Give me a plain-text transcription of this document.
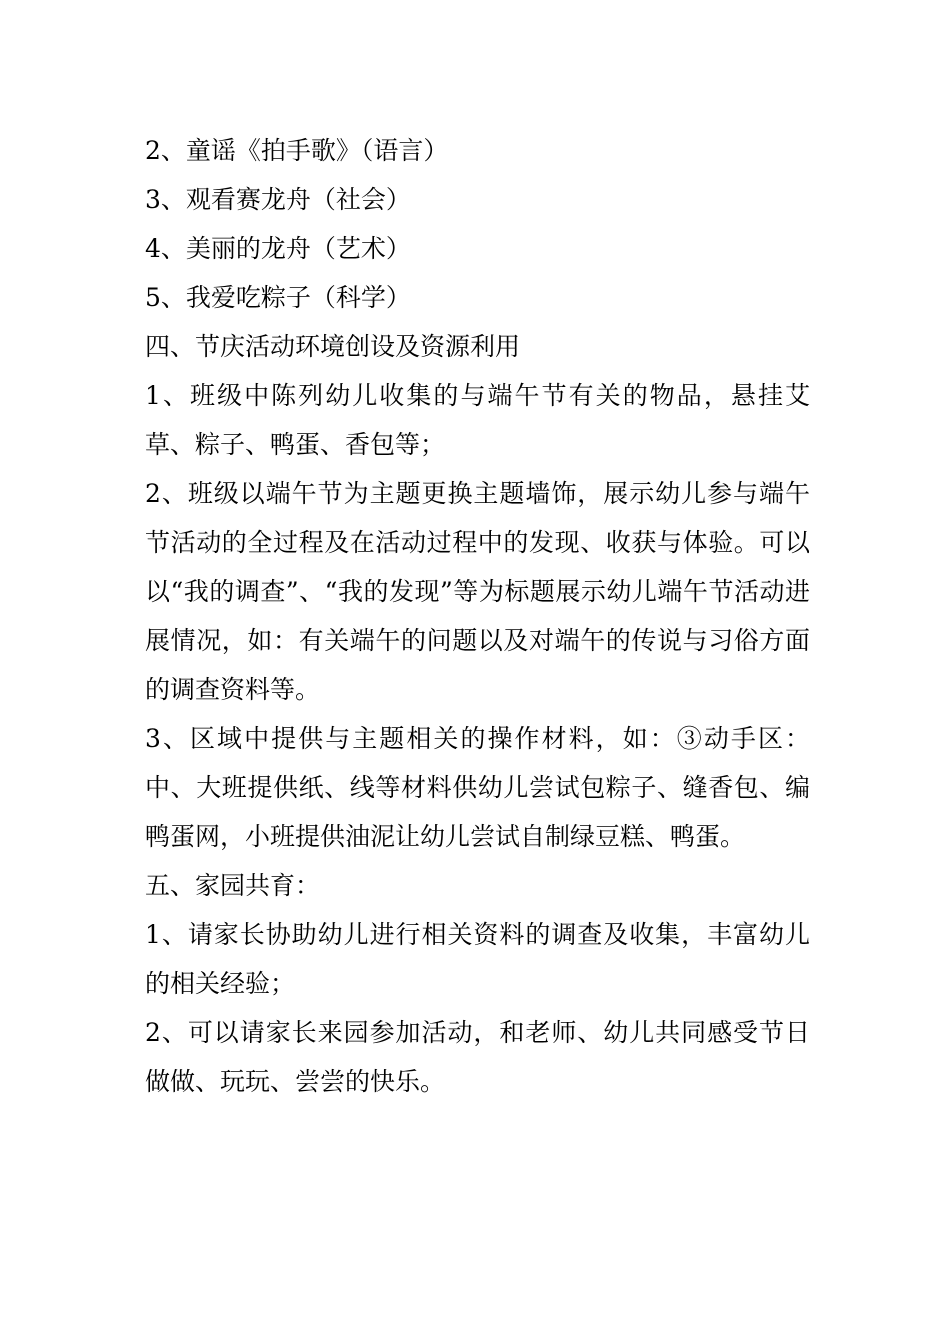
2、童谣《拍手歌》（语言）

3、观看赛龙舟（社会）

4、美丽的龙舟（艺术）

5、我爱吃粽子（科学）

四、节庆活动环境创设及资源利用

1、班级中陈列幼儿收集的与端午节有关的物品，悬挂艾草、粽子、鸭蛋、香包等；

2、班级以端午节为主题更换主题墙饰，展示幼儿参与端午节活动的全过程及在活动过程中的发现、收获与体验。可以以“我的调查”、“我的发现”等为标题展示幼儿端午节活动进展情况，如：有关端午的问题以及对端午的传说与习俗方面的调查资料等。

3、区域中提供与主题相关的操作材料，如：③动手区：中、大班提供纸、线等材料供幼儿尝试包粽子、缝香包、编鸭蛋网，小班提供油泥让幼儿尝试自制绿豆糕、鸭蛋。

五、家园共育：

1、请家长协助幼儿进行相关资料的调查及收集，丰富幼儿的相关经验；

2、可以请家长来园参加活动，和老师、幼儿共同感受节日做做、玩玩、尝尝的快乐。
